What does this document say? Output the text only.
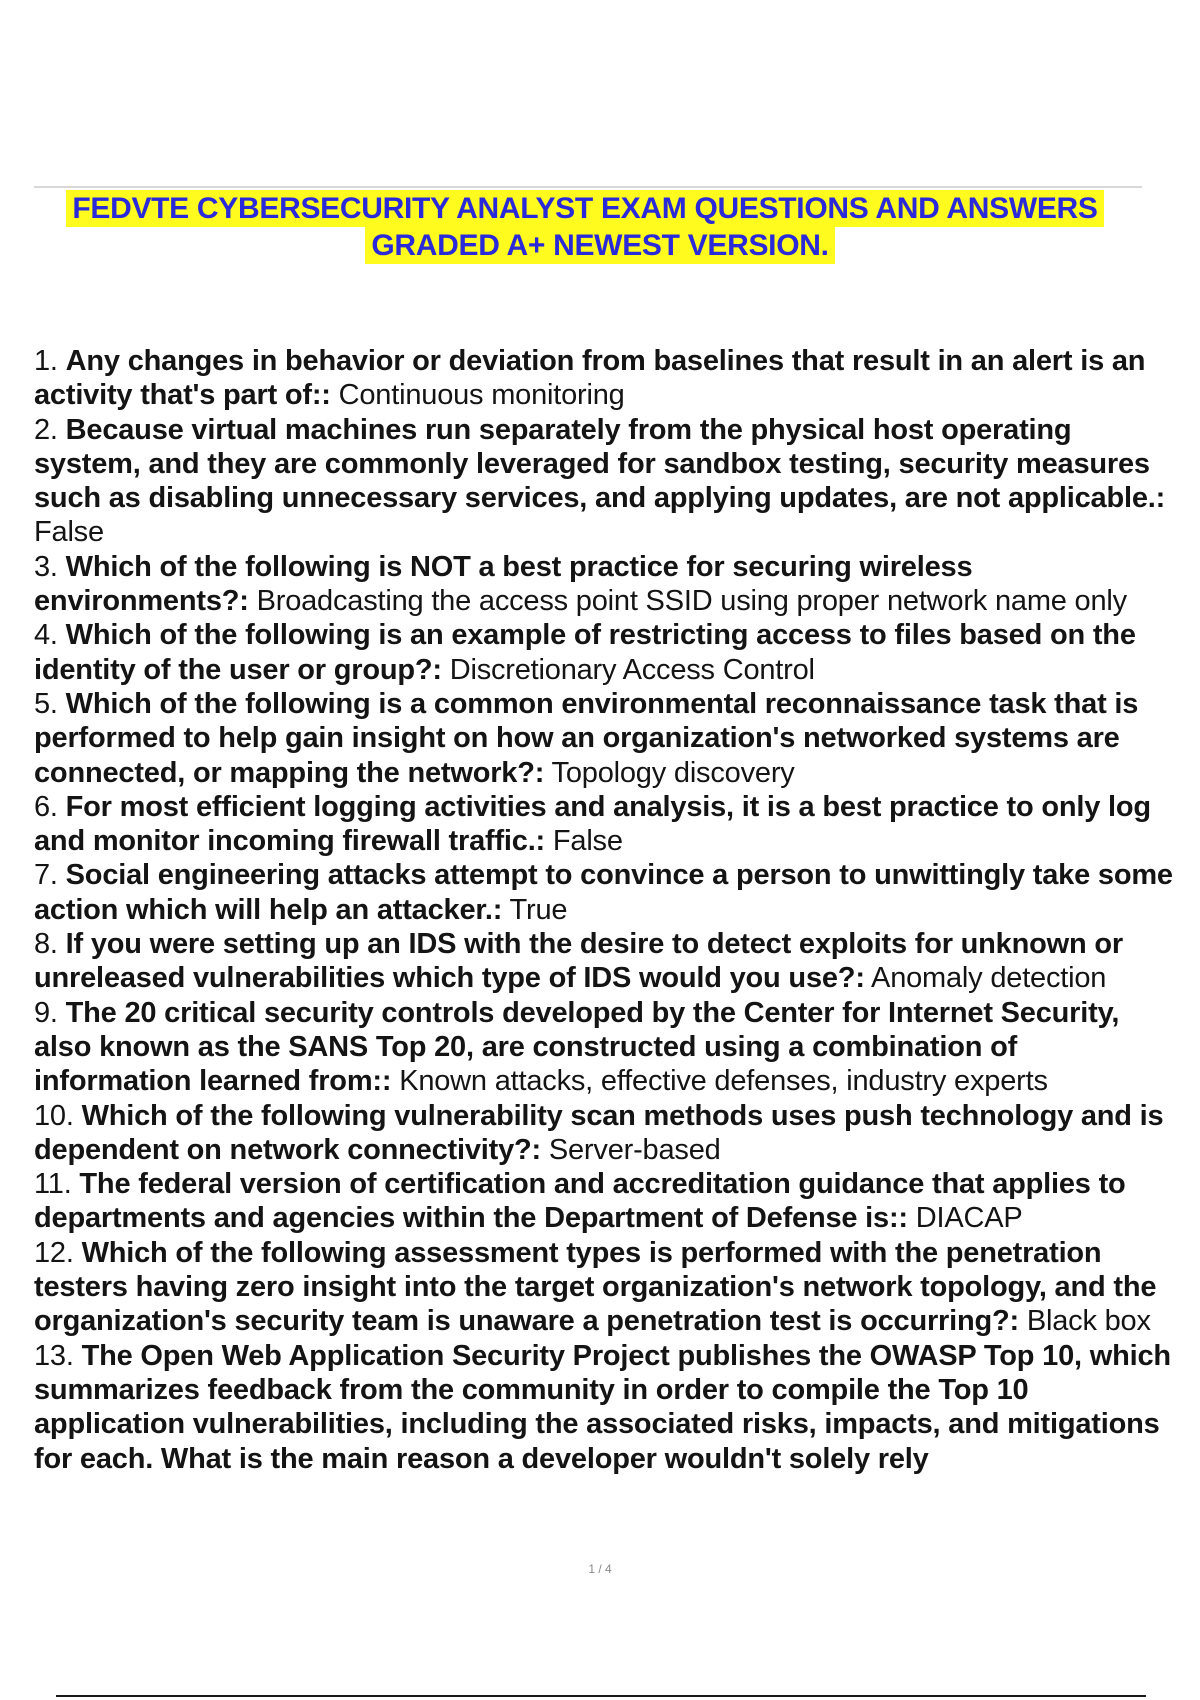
FEDVTE CYBERSECURITY ANALYST EXAM QUESTIONS AND ANSWERS
GRADED A+ NEWEST VERSION.

1. Any changes in behavior or deviation from baselines that result in an alert is an activity that's part of:: Continuous monitoring

2. Because virtual machines run separately from the physical host operating system, and they are commonly leveraged for sandbox testing, security measures such as disabling unnecessary services, and applying updates, are not applicable.: False

3. Which of the following is NOT a best practice for securing wireless environments?: Broadcasting the access point SSID using proper network name only

4. Which of the following is an example of restricting access to files based on the identity of the user or group?: Discretionary Access Control

5. Which of the following is a common environmental reconnaissance task that is performed to help gain insight on how an organization's networked systems are connected, or mapping the network?: Topology discovery

6. For most efficient logging activities and analysis, it is a best practice to only log and monitor incoming firewall traffic.: False

7. Social engineering attacks attempt to convince a person to unwittingly take some action which will help an attacker.: True

8. If you were setting up an IDS with the desire to detect exploits for unknown or unreleased vulnerabilities which type of IDS would you use?: Anomaly detection

9. The 20 critical security controls developed by the Center for Internet Security, also known as the SANS Top 20, are constructed using a combination of information learned from:: Known attacks, effective defenses, industry experts

10. Which of the following vulnerability scan methods uses push technology and is dependent on network connectivity?: Server-based

11. The federal version of certification and accreditation guidance that applies to departments and agencies within the Department of Defense is:: DIACAP

12. Which of the following assessment types is performed with the penetration testers having zero insight into the target organization's network topology, and the organization's security team is unaware a penetration test is occurring?: Black box

13. The Open Web Application Security Project publishes the OWASP Top 10, which summarizes feedback from the community in order to compile the Top 10 application vulnerabilities, including the associated risks, impacts, and mitigations for each. What is the main reason a developer wouldn't solely rely

1 / 4
